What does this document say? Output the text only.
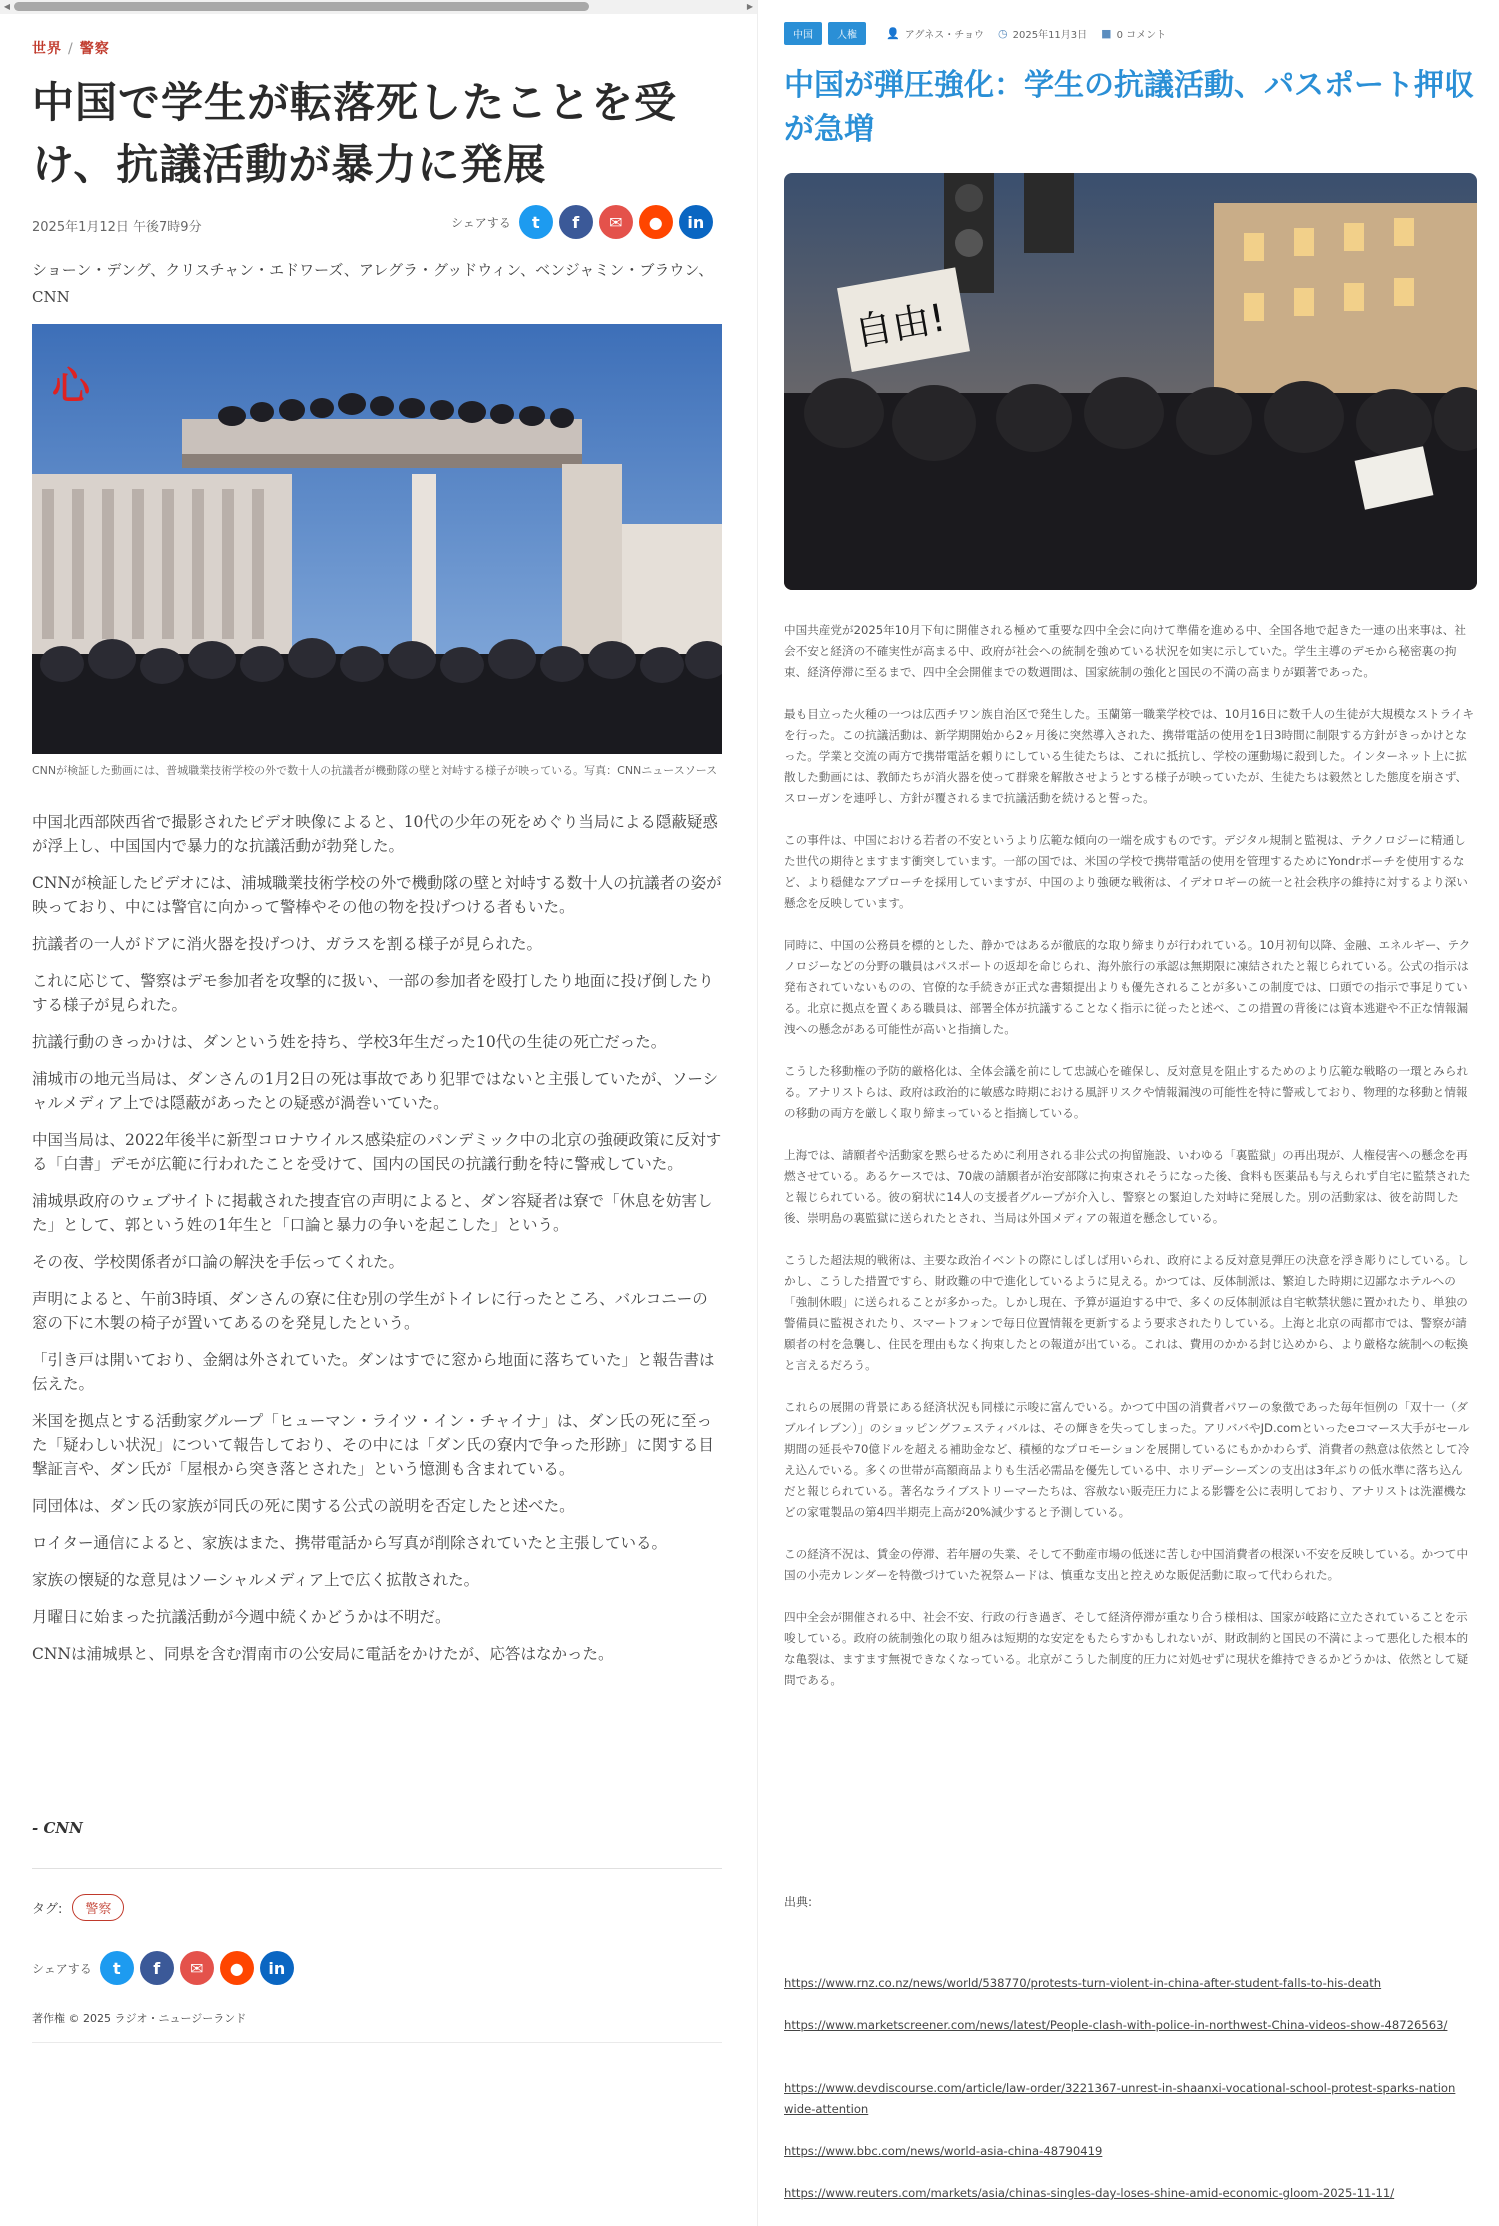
◀	▶
世界 / 警察
中国で学生が転落死したことを受け、抗議活動が暴力に発展
2025年1月12日 午後7時9分	シェアする	t	f	✉	●	in
ショーン・デング、クリスチャン・エドワーズ、アレグラ・グッドウィン、ベンジャミン・ブラウン、CNN
心
CNNが検証した動画には、普城職業技術学校の外で数十人の抗議者が機動隊の壁と対峙する様子が映っている。写真：CNNニュースソース

中国北西部陝西省で撮影されたビデオ映像によると、10代の少年の死をめぐり当局による隠蔽疑惑が浮上し、中国国内で暴力的な抗議活動が勃発した。

CNNが検証したビデオには、浦城職業技術学校の外で機動隊の壁と対峙する数十人の抗議者の姿が映っており、中には警官に向かって警棒やその他の物を投げつける者もいた。

抗議者の一人がドアに消火器を投げつけ、ガラスを割る様子が見られた。

これに応じて、警察はデモ参加者を攻撃的に扱い、一部の参加者を殴打したり地面に投げ倒したりする様子が見られた。

抗議行動のきっかけは、ダンという姓を持ち、学校3年生だった10代の生徒の死亡だった。

浦城市の地元当局は、ダンさんの1月2日の死は事故であり犯罪ではないと主張していたが、ソーシャルメディア上では隠蔽があったとの疑惑が渦巻いていた。

中国当局は、2022年後半に新型コロナウイルス感染症のパンデミック中の北京の強硬政策に反対する「白書」デモが広範に行われたことを受けて、国内の国民の抗議行動を特に警戒していた。

浦城県政府のウェブサイトに掲載された捜査官の声明によると、ダン容疑者は寮で「休息を妨害した」として、郭という姓の1年生と「口論と暴力の争いを起こした」という。

その夜、学校関係者が口論の解決を手伝ってくれた。

声明によると、午前3時頃、ダンさんの寮に住む別の学生がトイレに行ったところ、バルコニーの窓の下に木製の椅子が置いてあるのを発見したという。

「引き戸は開いており、金網は外されていた。ダンはすでに窓から地面に落ちていた」と報告書は伝えた。

米国を拠点とする活動家グループ「ヒューマン・ライツ・イン・チャイナ」は、ダン氏の死に至った「疑わしい状況」について報告しており、その中には「ダン氏の寮内で争った形跡」に関する目撃証言や、ダン氏が「屋根から突き落とされた」という憶測も含まれている。

同団体は、ダン氏の家族が同氏の死に関する公式の説明を否定したと述べた。

ロイター通信によると、家族はまた、携帯電話から写真が削除されていたと主張している。

家族の懐疑的な意見はソーシャルメディア上で広く拡散された。

月曜日に始まった抗議活動が今週中続くかどうかは不明だ。

CNNは浦城県と、同県を含む渭南市の公安局に電話をかけたが、応答はなかった。

- CNN
タグ:	警察
シェアする	t	f	✉	●	in
著作権 © 2025 ラジオ・ニュージーランド
中国	人権	👤 アグネス・チョウ ◷ 2025年11月3日 ■ 0 コメント
中国が弾圧強化：学生の抗議活動、パスポート押収が急増
自由!

中国共産党が2025年10月下旬に開催される極めて重要な四中全会に向けて準備を進める中、全国各地で起きた一連の出来事は、社会不安と経済の不確実性が高まる中、政府が社会への統制を強めている状況を如実に示していた。学生主導のデモから秘密裏の拘束、経済停滞に至るまで、四中全会開催までの数週間は、国家統制の強化と国民の不満の高まりが顕著であった。

最も目立った火種の一つは広西チワン族自治区で発生した。玉蘭第一職業学校では、10月16日に数千人の生徒が大規模なストライキを行った。この抗議活動は、新学期開始から2ヶ月後に突然導入された、携帯電話の使用を1日3時間に制限する方針がきっかけとなった。学業と交流の両方で携帯電話を頼りにしている生徒たちは、これに抵抗し、学校の運動場に殺到した。インターネット上に拡散した動画には、教師たちが消火器を使って群衆を解散させようとする様子が映っていたが、生徒たちは毅然とした態度を崩さず、スローガンを連呼し、方針が覆されるまで抗議活動を続けると誓った。

この事件は、中国における若者の不安というより広範な傾向の一端を成すものです。デジタル規制と監視は、テクノロジーに精通した世代の期待とますます衝突しています。一部の国では、米国の学校で携帯電話の使用を管理するためにYondrポーチを使用するなど、より穏健なアプローチを採用していますが、中国のより強硬な戦術は、イデオロギーの統一と社会秩序の維持に対するより深い懸念を反映しています。

同時に、中国の公務員を標的とした、静かではあるが徹底的な取り締まりが行われている。10月初旬以降、金融、エネルギー、テクノロジーなどの分野の職員はパスポートの返却を命じられ、海外旅行の承認は無期限に凍結されたと報じられている。公式の指示は発布されていないものの、官僚的な手続きが正式な書類提出よりも優先されることが多いこの制度では、口頭での指示で事足りている。北京に拠点を置くある職員は、部署全体が抗議することなく指示に従ったと述べ、この措置の背後には資本逃避や不正な情報漏洩への懸念がある可能性が高いと指摘した。

こうした移動権の予防的厳格化は、全体会議を前にして忠誠心を確保し、反対意見を阻止するためのより広範な戦略の一環とみられる。アナリストらは、政府は政治的に敏感な時期における風評リスクや情報漏洩の可能性を特に警戒しており、物理的な移動と情報の移動の両方を厳しく取り締まっていると指摘している。

上海では、請願者や活動家を黙らせるために利用される非公式の拘留施設、いわゆる「裏監獄」の再出現が、人権侵害への懸念を再燃させている。あるケースでは、70歳の請願者が治安部隊に拘束されそうになった後、食料も医薬品も与えられず自宅に監禁されたと報じられている。彼の窮状に14人の支援者グループが介入し、警察との緊迫した対峙に発展した。別の活動家は、彼を訪問した後、崇明島の裏監獄に送られたとされ、当局は外国メディアの報道を懸念している。

こうした超法規的戦術は、主要な政治イベントの際にしばしば用いられ、政府による反対意見弾圧の決意を浮き彫りにしている。しかし、こうした措置ですら、財政難の中で進化しているように見える。かつては、反体制派は、繁迫した時期に辺鄙なホテルへの「強制休暇」に送られることが多かった。しかし現在、予算が逼迫する中で、多くの反体制派は自宅軟禁状態に置かれたり、単独の警備員に監視されたり、スマートフォンで毎日位置情報を更新するよう要求されたりしている。上海と北京の両都市では、警察が請願者の村を急襲し、住民を理由もなく拘束したとの報道が出ている。これは、費用のかかる封じ込めから、より厳格な統制への転換と言えるだろう。

これらの展開の背景にある経済状況も同様に示唆に富んでいる。かつて中国の消費者パワーの象徴であった毎年恒例の「双十一（ダブルイレブン）」のショッピングフェスティバルは、その輝きを失ってしまった。アリババやJD.comといったeコマース大手がセール期間の延長や70億ドルを超える補助金など、積極的なプロモーションを展開しているにもかかわらず、消費者の熱意は依然として冷え込んでいる。多くの世帯が高額商品よりも生活必需品を優先している中、ホリデーシーズンの支出は3年ぶりの低水準に落ち込んだと報じられている。著名なライブストリーマーたちは、容赦ない販売圧力による影響を公に表明しており、アナリストは洗濯機などの家電製品の第4四半期売上高が20%減少すると予測している。

この経済不況は、賃金の停滞、若年層の失業、そして不動産市場の低迷に苦しむ中国消費者の根深い不安を反映している。かつて中国の小売カレンダーを特徴づけていた祝祭ムードは、慎重な支出と控えめな販促活動に取って代わられた。

四中全会が開催される中、社会不安、行政の行き過ぎ、そして経済停滞が重なり合う様相は、国家が岐路に立たされていることを示唆している。政府の統制強化の取り組みは短期的な安定をもたらすかもしれないが、財政制約と国民の不満によって悪化した根本的な亀裂は、ますます無視できなくなっている。北京がこうした制度的圧力に対処せずに現状を維持できるかどうかは、依然として疑問である。

出典:
https://www.rnz.co.nz/news/world/538770/protests-turn-violent-in-china-after-student-falls-to-his-death
https://www.marketscreener.com/news/latest/People-clash-with-police-in-northwest-China-videos-show-48726563/
https://www.devdiscourse.com/article/law-order/3221367-unrest-in-shaanxi-vocational-school-protest-sparks-nationwide-attention
https://www.bbc.com/news/world-asia-china-48790419
https://www.reuters.com/markets/asia/chinas-singles-day-loses-shine-amid-economic-gloom-2025-11-11/
